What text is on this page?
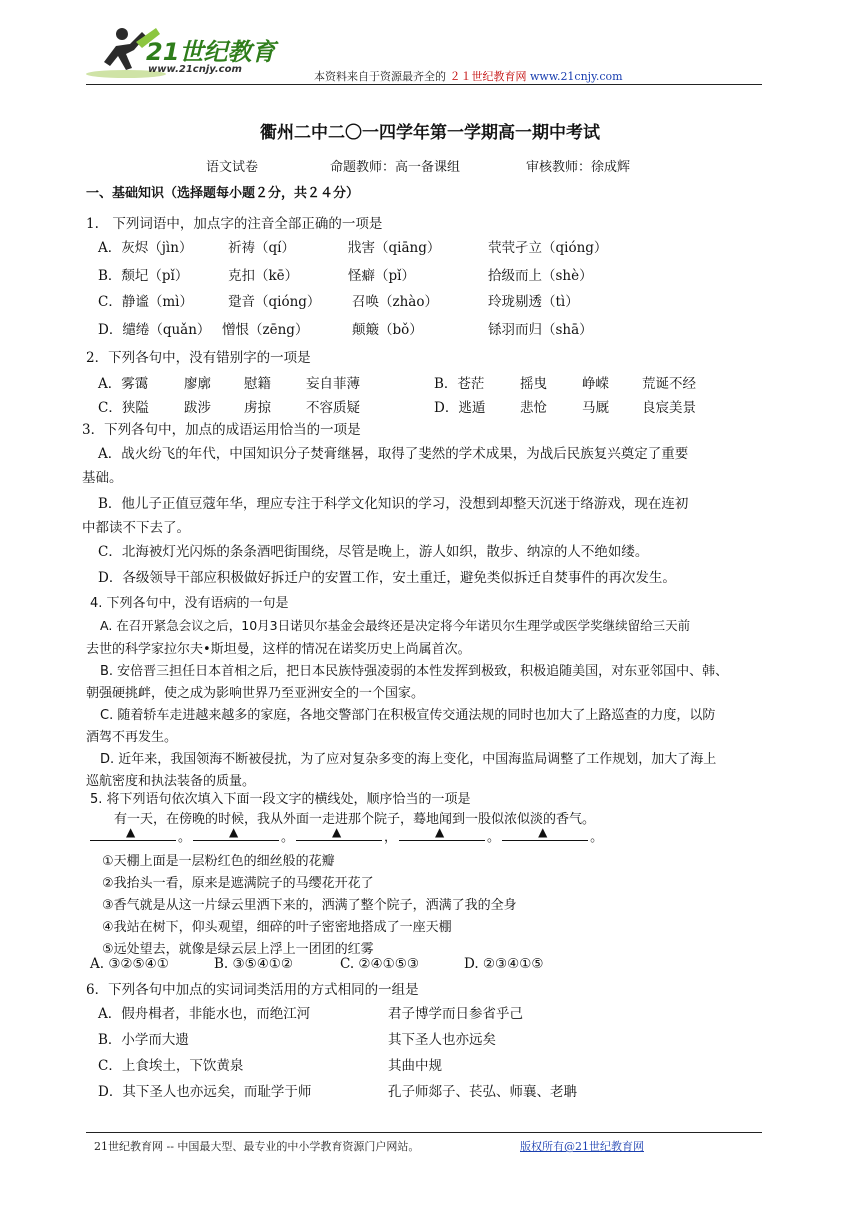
21世纪教育
www.21cnjy.com
本资料来自于资源最齐全的 ２１世纪教育网 www.21cnjy.com
衢州二中二〇一四学年第一学期高一期中考试
语文试卷	命题教师：高一备课组	审核教师：徐成辉
一、基础知识（选择题每小题２分，共２４分）
1.　下列词语中，加点字的注音全部正确的一项是
A．灰烬（jìn）	祈祷（qí）	戕害（qiāng）	茕茕孑立（qióng）
B．颓圮（pǐ）	克扣（kē）	怪癖（pǐ）	拾级而上（shè）
C．静谧（mì）	跫音（qióng） 召唤（zhào）	玲珑剔透（tì）
D．缱绻（quǎn） 憎恨（zēng）	颠簸（bǒ）	铩羽而归（shā）
2．下列各句中，没有错别字的一项是
A．雾霭	廖廓 慰籍	妄自菲薄	B．苍茫	摇曳	峥嵘 荒诞不经
C．狭隘	跋涉 虏掠	不容质疑	D．逃遁	悲怆	马厩 良宸美景
3．下列各句中，加点的成语运用恰当的一项是
A．战火纷飞的年代，中国知识分子焚膏继晷，取得了斐然的学术成果，为战后民族复兴奠定了重要
基础。
B．他儿子正值豆蔻年华，理应专注于科学文化知识的学习，没想到却整天沉迷于络游戏，现在连初
中都读不下去了。
C．北海被灯光闪烁的条条酒吧街围绕，尽管是晚上，游人如织，散步、纳凉的人不绝如缕。
D．各级领导干部应积极做好拆迁户的安置工作，安土重迁，避免类似拆迁自焚事件的再次发生。
4. 下列各句中，没有语病的一句是
A. 在召开紧急会议之后，10月3日诺贝尔基金会最终还是决定将今年诺贝尔生理学或医学奖继续留给三天前
去世的科学家拉尔夫•斯坦曼，这样的情况在诺奖历史上尚属首次。
B. 安倍晋三担任日本首相之后，把日本民族恃强凌弱的本性发挥到极致，积极追随美国，对东亚邻国中、韩、
朝强硬挑衅，使之成为影响世界乃至亚洲安全的一个国家。
C. 随着轿车走进越来越多的家庭，各地交警部门在积极宣传交通法规的同时也加大了上路巡查的力度，以防
酒驾不再发生。
D. 近年来，我国领海不断被侵扰，为了应对复杂多变的海上变化，中国海监局调整了工作规划，加大了海上
巡航密度和执法装备的质量。
5. 将下列语句依次填入下面一段文字的横线处，顺序恰当的一项是
有一天，在傍晚的时候，我从外面一走进那个院子，蓦地闻到一股似浓似淡的香气。
▲	。	▲	。	▲	，	▲	。	▲	。
①天棚上面是一层粉红色的细丝般的花瓣
②我抬头一看，原来是遮满院子的马缨花开花了
③香气就是从这一片绿云里洒下来的，洒满了整个院子，洒满了我的全身
④我站在树下，仰头观望，细碎的叶子密密地搭成了一座天棚
⑤远处望去，就像是绿云层上浮上一团团的红雾
A. ③②⑤④①	B. ③⑤④①②	C. ②④①⑤③	D. ②③④①⑤
6．下列各句中加点的实词词类活用的方式相同的一组是
A．假舟楫者，非能水也，而绝江河	君子博学而日参省乎己
B．小学而大遗	其下圣人也亦远矣
C．上食埃土，下饮黄泉	其曲中规
D．其下圣人也亦远矣，而耻学于师	孔子师郯子、苌弘、师襄、老聃
21世纪教育网 -- 中国最大型、最专业的中小学教育资源门户网站。	版权所有@21世纪教育网
